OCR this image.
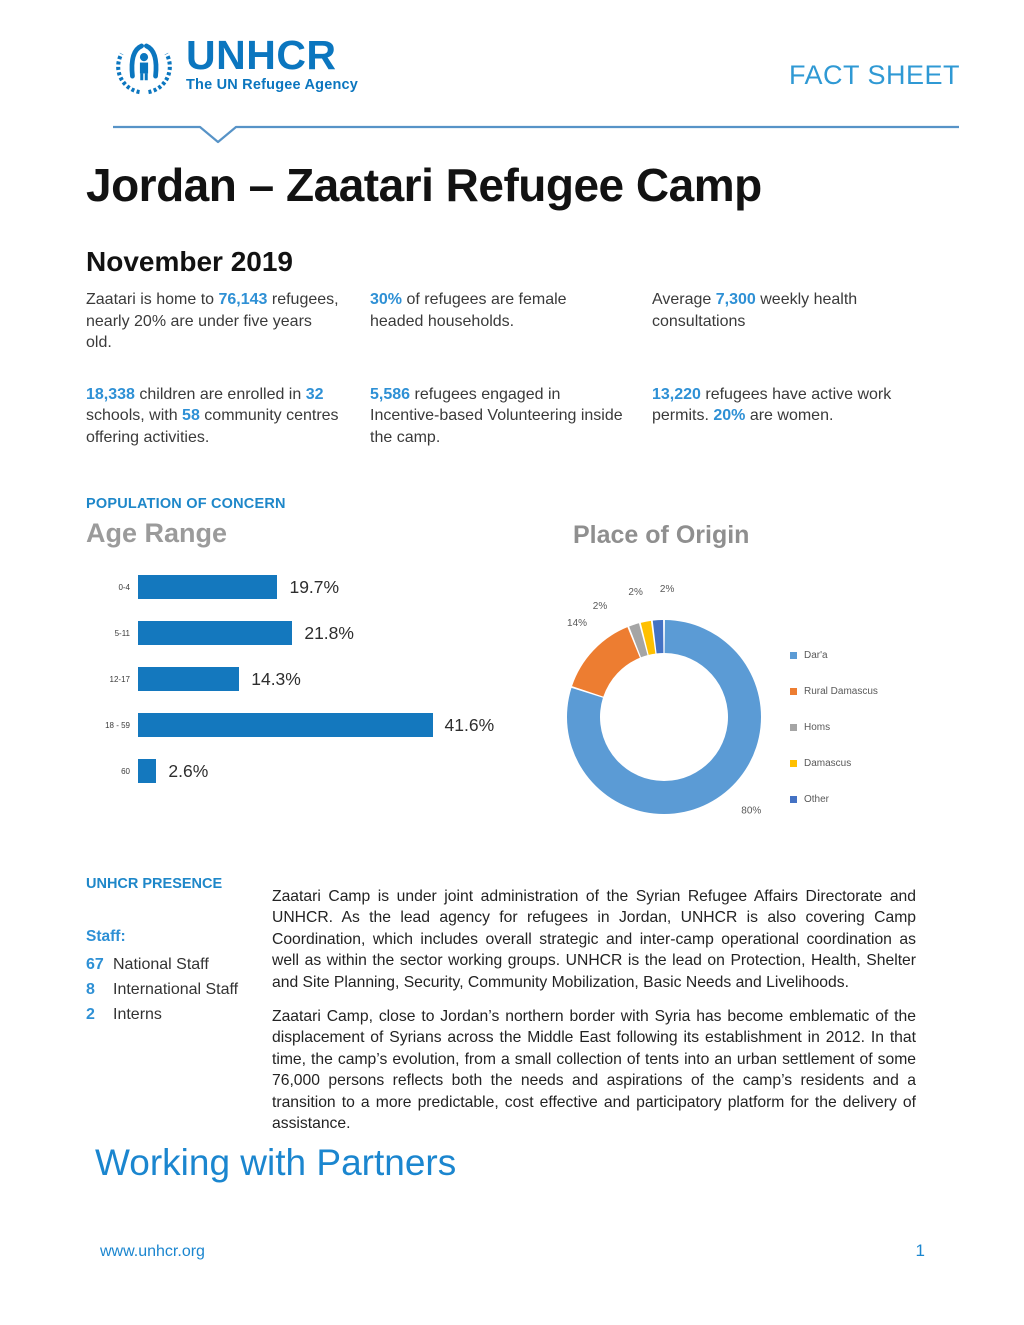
UNHCR
The UN Refugee Agency	FACT SHEET
Jordan – Zaatari Refugee Camp
November 2019
Zaatari is home to 76,143 refugees, nearly 20% are under five years old.
30% of refugees are female headed households.
Average 7,300 weekly health consultations
18,338 children are enrolled in 32 schools, with 58 community centres offering activities.
5,586 refugees engaged in Incentive-based Volunteering inside the camp.
13,220 refugees have active work permits. 20% are women.
POPULATION OF CONCERN
Age Range	Place of Origin
0-4	19.7%
5-11	21.8%
12-17	14.3%
18 - 59	41.6%
60	2.6%
80%
14%
2%
2% 2%
Dar'a
Rural Damascus
Homs
Damascus
Other
UNHCR PRESENCE
Staff:
67 National Staff
8	International Staff
2	Interns

Zaatari Camp is under joint administration of the Syrian Refugee Affairs Directorate and UNHCR. As the lead agency for refugees in Jordan, UNHCR is also covering Camp Coordination, which includes overall strategic and inter-camp operational coordination as well as within the sector working groups. UNHCR is the lead on Protection, Health, Shelter and Site Planning, Security, Community Mobilization, Basic Needs and Livelihoods.

Zaatari Camp, close to Jordan’s northern border with Syria has become emblematic of the displacement of Syrians across the Middle East following its establishment in 2012. In that time, the camp’s evolution, from a small collection of tents into an urban settlement of some 76,000 persons reflects both the needs and aspirations of the camp’s residents and a transition to a more predictable, cost effective and participatory platform for the delivery of assistance.

Working with Partners
www.unhcr.org	1
